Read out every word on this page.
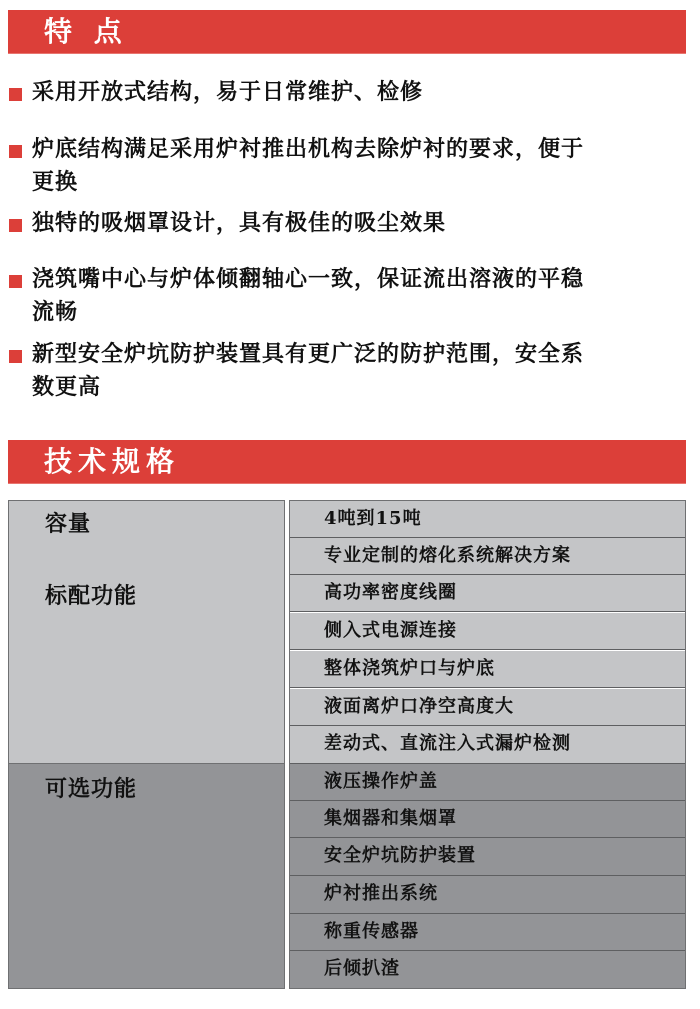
特 点
采用开放式结构，易于日常维护、检修
炉底结构满足采用炉衬推出机构去除炉衬的要求，便于
更换
独特的吸烟罩设计，具有极佳的吸尘效果
浇筑嘴中心与炉体倾翻轴心一致，保证流出溶液的平稳
流畅
新型安全炉坑防护装置具有更广泛的防护范围，安全系
数更高
技术规格
容量
标配功能
可选功能
4吨到15吨
专业定制的熔化系统解决方案
高功率密度线圈
侧入式电源连接
整体浇筑炉口与炉底
液面离炉口净空高度大
差动式、直流注入式漏炉检测
液压操作炉盖
集烟器和集烟罩
安全炉坑防护装置
炉衬推出系统
称重传感器
后倾扒渣
